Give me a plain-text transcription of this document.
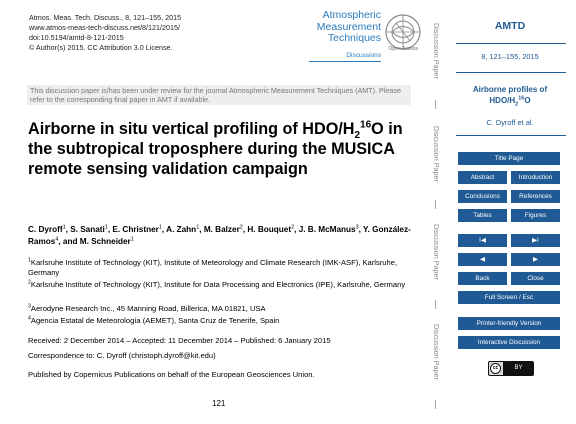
Atmos. Meas. Tech. Discuss., 8, 121–155, 2015
www.atmos-meas-tech-discuss.net/8/121/2015/
doi:10.5194/amtd-8-121-2015
© Author(s) 2015. CC Attribution 3.0 License.
Atmospheric
Measurement
Techniques
Discussions
Open Access
This discussion paper is/has been under review for the journal Atmospheric Measurement Techniques (AMT). Please refer to the corresponding final paper in AMT if available.
Airborne in situ vertical profiling of HDO/$H_2^{16}O$ in the subtropical troposphere during the MUSICA remote sensing validation campaign
C. Dyroff$^1$, S. Sanati$^1$, E. Christner$^1$, A. Zahn$^1$, M. Balzer$^2$, H. Bouquet$^2$, J. B. McManus$^3$, Y. González-Ramos$^4$, and M. Schneider$^1$
$^1$Karlsruhe Institute of Technology (KIT), Institute of Meteorology and Climate Research (IMK-ASF), Karlsruhe, Germany
$^2$Karlsruhe Institute of Technology (KIT), Institute for Data Processing and Electronics (IPE), Karlsruhe, Germany
$^3$Aerodyne Research Inc., 45 Manning Road, Billerica, MA 01821, USA
$^4$Agencia Estatal de Meteorología (AEMET), Santa Cruz de Tenerife, Spain
Received: 2 December 2014 – Accepted: 11 December 2014 – Published: 6 January 2015
Correspondence to: C. Dyroff (christoph.dyroff@kit.edu)
Published by Copernicus Publications on behalf of the European Geosciences Union.
121
Discussion Paper
Discussion Paper
Discussion Paper
Discussion Paper
AMTD
8, 121–155, 2015
Airborne profiles of
HDO/$H_2^{16}O$
C. Dyroff et al.
Title Page
Abstract	Introduction
Conclusions	References
Tables	Figures
I◀	▶I
◀	▶
Back	Close
Full Screen / Esc
Printer-friendly Version
Interactive Discussion
cc	BY
